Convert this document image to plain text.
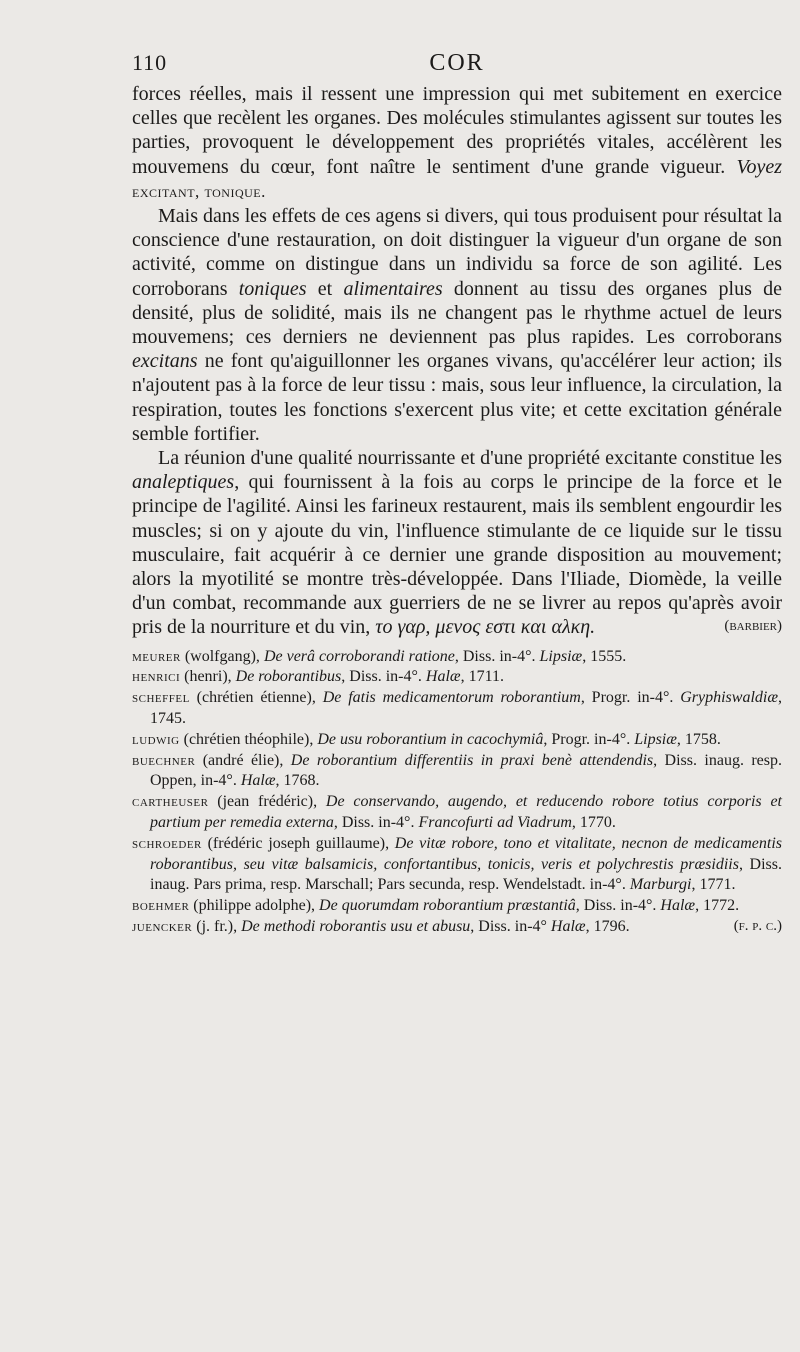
110	COR

forces réelles, mais il ressent une impression qui met subitement en exercice celles que recèlent les organes. Des molécules stimulantes agissent sur toutes les parties, provoquent le développement des propriétés vitales, accélèrent les mouvemens du cœur, font naître le sentiment d'une grande vigueur. Voyez excitant, tonique.

Mais dans les effets de ces agens si divers, qui tous produisent pour résultat la conscience d'une restauration, on doit distinguer la vigueur d'un organe de son activité, comme on distingue dans un individu sa force de son agilité. Les corroborans toniques et alimentaires donnent au tissu des organes plus de densité, plus de solidité, mais ils ne changent pas le rhythme actuel de leurs mouvemens; ces derniers ne deviennent pas plus rapides. Les corroborans excitans ne font qu'aiguillonner les organes vivans, qu'accélérer leur action; ils n'ajoutent pas à la force de leur tissu : mais, sous leur influence, la circulation, la respiration, toutes les fonctions s'exercent plus vite; et cette excitation générale semble fortifier.

La réunion d'une qualité nourrissante et d'une propriété excitante constitue les analeptiques, qui fournissent à la fois au corps le principe de la force et le principe de l'agilité. Ainsi les farineux restaurent, mais ils semblent engourdir les muscles; si on y ajoute du vin, l'influence stimulante de ce liquide sur le tissu musculaire, fait acquérir à ce dernier une grande disposition au mouvement; alors la myotilité se montre très-développée. Dans l'Iliade, Diomède, la veille d'un combat, recommande aux guerriers de ne se livrer au repos qu'après avoir pris de la nourriture et du vin, το γαρ, μενος εστι και αλκη.	(barbier)

meurer (wolfgang), De verâ corroborandi ratione, Diss. in-4°. Lipsiæ, 1555.

henrici (henri), De roborantibus, Diss. in-4°. Halæ, 1711.

scheffel (chrétien étienne), De fatis medicamentorum roborantium, Progr. in-4°. Gryphiswaldiæ, 1745.

ludwig (chrétien théophile), De usu roborantium in cacochymiâ, Progr. in-4°. Lipsiæ, 1758.

buechner (andré élie), De roborantium differentiis in praxi benè attendendis, Diss. inaug. resp. Oppen, in-4°. Halæ, 1768.

cartheuser (jean frédéric), De conservando, augendo, et reducendo robore totius corporis et partium per remedia externa, Diss. in-4°. Francofurti ad Viadrum, 1770.

schroeder (frédéric joseph guillaume), De vitæ robore, tono et vitalitate, necnon de medicamentis roborantibus, seu vitæ balsamicis, confortantibus, tonicis, veris et polychrestis præsidiis, Diss. inaug. Pars prima, resp. Marschall; Pars secunda, resp. Wendelstadt. in-4°. Marburgi, 1771.

boehmer (philippe adolphe), De quorumdam roborantium præstantiâ, Diss. in-4°. Halæ, 1772.

juencker (j. fr.), De methodi roborantis usu et abusu, Diss. in-4° Halæ, 1796.	(f. p. c.)
